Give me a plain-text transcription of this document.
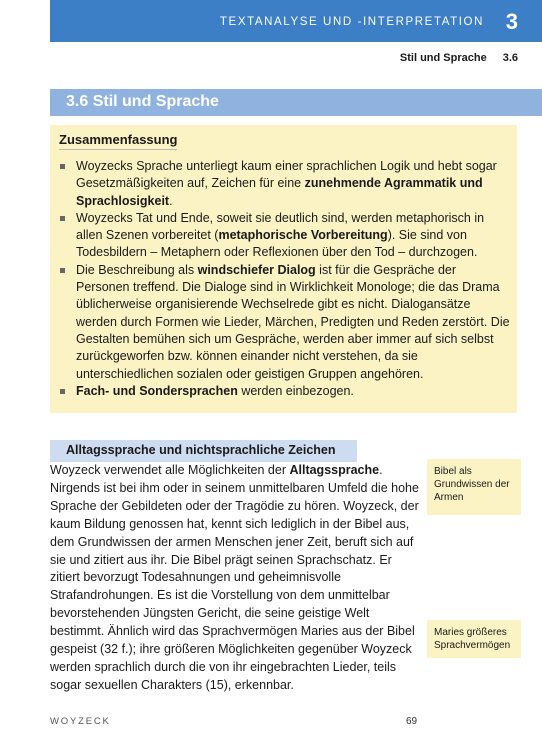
TEXTANALYSE UND -INTERPRETATION 3
Stil und Sprache 3.6
3.6 Stil und Sprache
Zusammenfassung
Woyzecks Sprache unterliegt kaum einer sprachlichen Logik und hebt sogar Gesetzmäßigkeiten auf, Zeichen für eine zunehmende Agrammatik und Sprachlosigkeit.
Woyzecks Tat und Ende, soweit sie deutlich sind, werden metaphorisch in allen Szenen vorbereitet (metaphorische Vorbereitung). Sie sind von Todesbildern – Metaphern oder Reflexionen über den Tod – durchzogen.
Die Beschreibung als windschiefer Dialog ist für die Gespräche der Personen treffend. Die Dialoge sind in Wirklichkeit Monologe; die das Drama üblicherweise organisierende Wechselrede gibt es nicht. Dialogansätze werden durch Formen wie Lieder, Märchen, Predigten und Reden zerstört. Die Gestalten bemühen sich um Gespräche, werden aber immer auf sich selbst zurückgeworfen bzw. können einander nicht verstehen, da sie unterschiedlichen sozialen oder geistigen Gruppen angehören.
Fach- und Sondersprachen werden einbezogen.
Alltagssprache und nichtsprachliche Zeichen

Woyzeck verwendet alle Möglichkeiten der Alltagssprache. Nirgends ist bei ihm oder in seinem unmittelbaren Umfeld die hohe Sprache der Gebildeten oder der Tragödie zu hören. Woyzeck, der kaum Bildung genossen hat, kennt sich lediglich in der Bibel aus, dem Grundwissen der armen Menschen jener Zeit, beruft sich auf sie und zitiert aus ihr. Die Bibel prägt seinen Sprachschatz. Er zitiert bevorzugt Todesahnungen und geheimnisvolle Strafandrohungen. Es ist die Vorstellung von dem unmittelbar bevorstehenden Jüngsten Gericht, die seine geistige Welt bestimmt. Ähnlich wird das Sprachvermögen Maries aus der Bibel gespeist (32 f.); ihre größeren Möglichkeiten gegenüber Woyzeck werden sprachlich durch die von ihr eingebrachten Lieder, teils sogar sexuellen Charakters (15), erkennbar.

Bibel als Grundwissen der Armen
Maries größeres Sprachvermögen
WOYZECK	69
